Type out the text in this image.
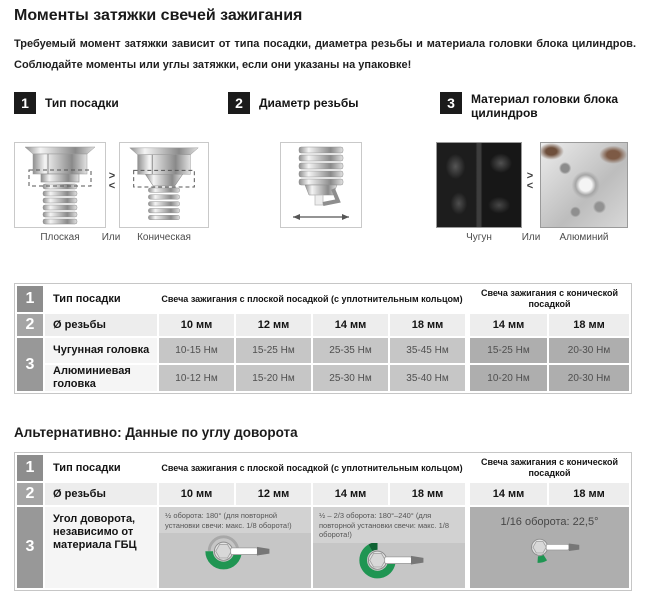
Моменты затяжки свечей зажигания

Требуемый момент затяжки зависит от типа посадки, диаметра резьбы и материала головки блока цилиндров. Соблюдайте моменты или углы затяжки, если они указаны на упаковке!

1	Тип посадки	2	Диаметр резьбы	3	Материал головки блока цилиндров
>
<
Плоская	Или	Коническая
>
<
Чугун	Или	Алюминий
1	Тип посадки	Свеча зажигания с плоской посадкой (с уплотнительным кольцом)				Свеча зажигания с конической посадкой	
2	Ø резьбы	10 мм	12 мм	14 мм	18 мм	14 мм	18 мм
3	Чугунная головка	10-15 Нм	15-25 Нм	25-35 Нм	35-45 Нм	15-25 Нм	20-30 Нм
	Алюминиевая головка	10-12 Нм	15-20 Нм	25-30 Нм	35-40 Нм	10-20 Нм	20-30 Нм
Альтернативно: Данные по углу доворота
1	Тип посадки	Свеча зажигания с плоской посадкой (с уплотнительным кольцом)				Свеча зажигания с конической посадкой	
2	Ø резьбы	10 мм	12 мм	14 мм	18 мм	14 мм	18 мм
3	Угол доворота, независимо от материала ГБЦ	½ оборота: 180° (для повторной установки свечи: макс. 1/8 оборота!)		½ – 2/3 оборота: 180°–240° (для повторной установки свечи: макс. 1/8 оборота!)		1/16 оборота: 22,5°	
